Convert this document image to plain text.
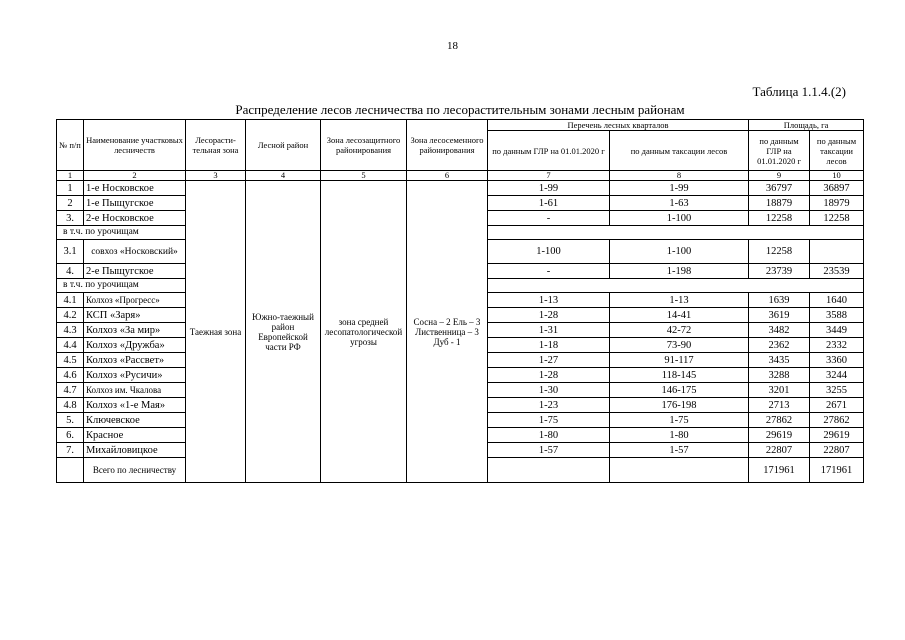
18
Таблица 1.1.4.(2)
Распределение лесов лесничества по лесорастительным зонами лесным районам
№ п/п	Наименование участковых лесничеств	Лесорасти-тельная зона	Лесной район	Зона лесозащитного районирования	Зона лесосеменного районирования	Перечень лесных кварталов		Площадь, га	
						по данным ГЛР на 01.01.2020 г	по данным таксации лесов	по данным ГЛР на 01.01.2020 г	по данным таксации лесов
1	2	3	4	5	6	7	8	9	10
1	1-е Носковское	Таежная зона	Южно-таежный район Европейской части РФ	зона средней лесопатологической угрозы	Сосна – 2 Ель – 3 Лиственница – 3 Дуб - 1	1-99	1-99	36797	36897
2	1-е Пыщугское					1-61	1-63	18879	18979
3.	2-е Носковское					-	1-100	12258	12258
в т.ч. по урочищам									
3.1	совхоз «Носковский»					1-100	1-100	12258	
4.	2-е Пыщугское					-	1-198	23739	23539
в т.ч. по урочищам									
4.1	Колхоз «Прогресс»					1-13	1-13	1639	1640
4.2	КСП «Заря»					1-28	14-41	3619	3588
4.3	Колхоз «За мир»					1-31	42-72	3482	3449
4.4	Колхоз «Дружба»					1-18	73-90	2362	2332
4.5	Колхоз «Рассвет»					1-27	91-117	3435	3360
4.6	Колхоз «Русичи»					1-28	118-145	3288	3244
4.7	Колхоз им. Чкалова					1-30	146-175	3201	3255
4.8	Колхоз «1-е Мая»					1-23	176-198	2713	2671
5.	Ключевское					1-75	1-75	27862	27862
6.	Красное					1-80	1-80	29619	29619
7.	Михайловицкое					1-57	1-57	22807	22807
	Всего по лесничеству							171961	171961
